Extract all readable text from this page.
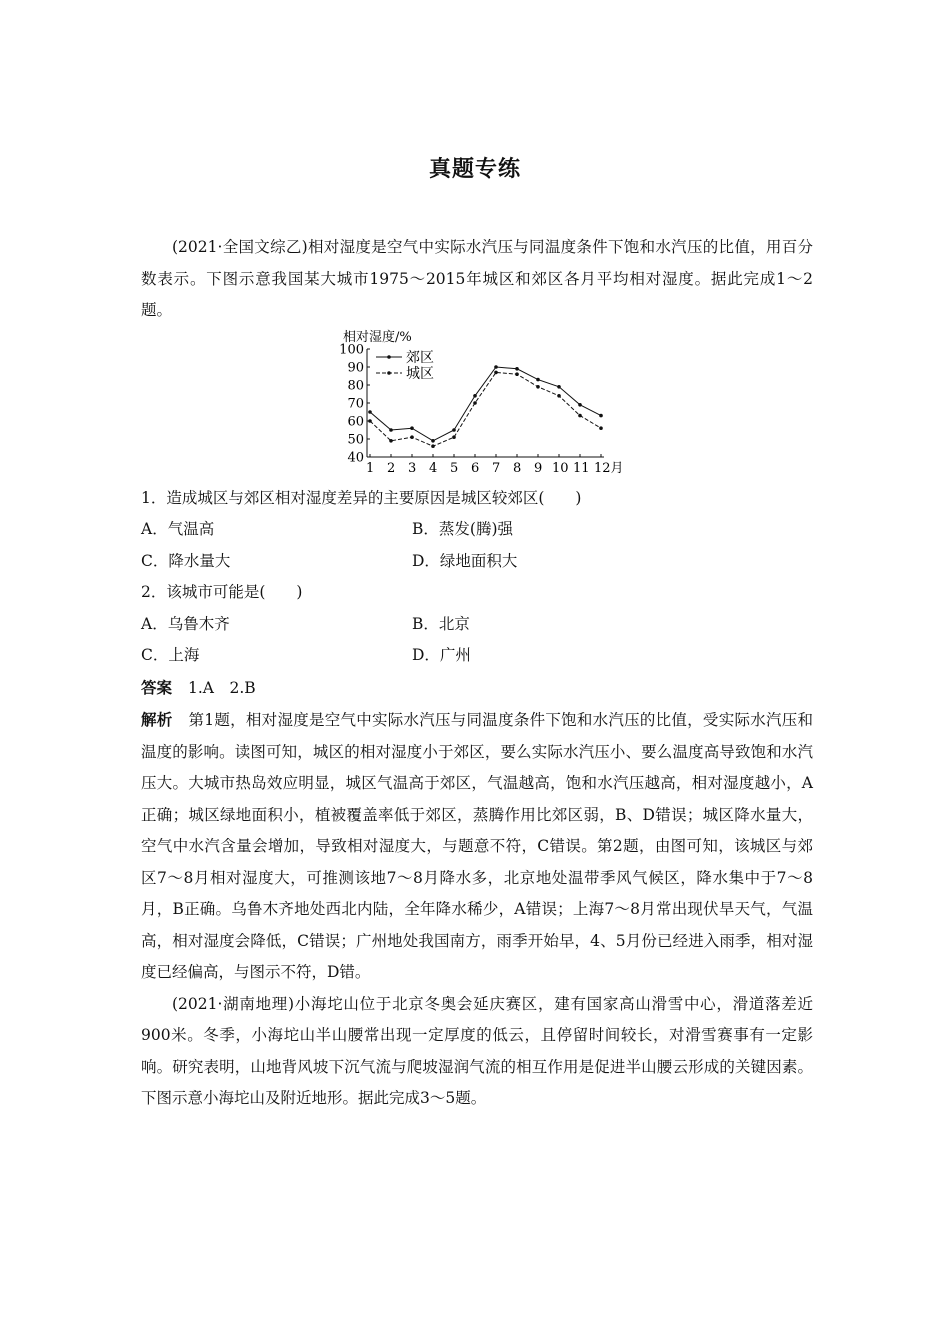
真题专练

(2021·全国文综乙)相对湿度是空气中实际水汽压与同温度条件下饱和水汽压的比值，用百分数表示。下图示意我国某大城市1975～2015年城区和郊区各月平均相对湿度。据此完成1～2题。

相对湿度/%
100
90
80
70
60
50
40
1 2 3 4 5 6 7 8 9 10 11 12月
郊区
城区

1．造成城区与郊区相对湿度差异的主要原因是城区较郊区(　　)

A．气温高	B．蒸发(腾)强
C．降水量大	D．绿地面积大

2．该城市可能是(　　)

A．乌鲁木齐	B．北京
C．上海	D．广州

答案 1.A　2.B

解析 第1题，相对湿度是空气中实际水汽压与同温度条件下饱和水汽压的比值，受实际水汽压和温度的影响。读图可知，城区的相对湿度小于郊区，要么实际水汽压小、要么温度高导致饱和水汽压大。大城市热岛效应明显，城区气温高于郊区，气温越高，饱和水汽压越高，相对湿度越小，A正确；城区绿地面积小，植被覆盖率低于郊区，蒸腾作用比郊区弱，B、D错误；城区降水量大，空气中水汽含量会增加，导致相对湿度大，与题意不符，C错误。第2题，由图可知，该城区与郊区7～8月相对湿度大，可推测该地7～8月降水多，北京地处温带季风气候区，降水集中于7～8月，B正确。乌鲁木齐地处西北内陆，全年降水稀少，A错误；上海7～8月常出现伏旱天气，气温高，相对湿度会降低，C错误；广州地处我国南方，雨季开始早，4、5月份已经进入雨季，相对湿度已经偏高，与图示不符，D错。

(2021·湖南地理)小海坨山位于北京冬奥会延庆赛区，建有国家高山滑雪中心，滑道落差近900米。冬季，小海坨山半山腰常出现一定厚度的低云，且停留时间较长，对滑雪赛事有一定影响。研究表明，山地背风坡下沉气流与爬坡湿润气流的相互作用是促进半山腰云形成的关键因素。下图示意小海坨山及附近地形。据此完成3～5题。
